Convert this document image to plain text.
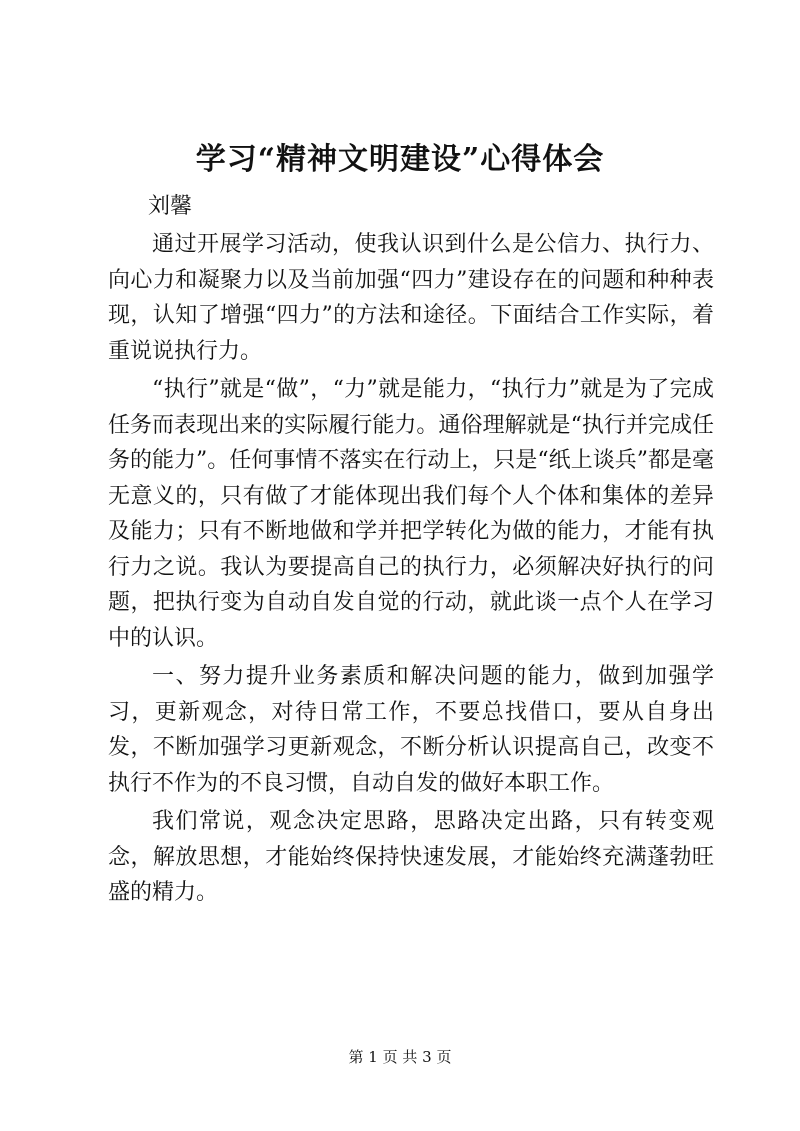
学习“精神文明建设”心得体会

刘馨

通过开展学习活动，使我认识到什么是公信力、执行力、向心力和凝聚力以及当前加强“四力”建设存在的问题和种种表现，认知了增强“四力”的方法和途径。下面结合工作实际，着重说说执行力。

“执行”就是“做”，“力”就是能力，“执行力”就是为了完成任务而表现出来的实际履行能力。通俗理解就是“执行并完成任务的能力”。任何事情不落实在行动上，只是“纸上谈兵”都是毫无意义的，只有做了才能体现出我们每个人个体和集体的差异及能力；只有不断地做和学并把学转化为做的能力，才能有执行力之说。我认为要提高自己的执行力，必须解决好执行的问题，把执行变为自动自发自觉的行动，就此谈一点个人在学习中的认识。

一、努力提升业务素质和解决问题的能力，做到加强学习，更新观念，对待日常工作，不要总找借口，要从自身出发，不断加强学习更新观念，不断分析认识提高自己，改变不执行不作为的不良习惯，自动自发的做好本职工作。

我们常说，观念决定思路，思路决定出路，只有转变观念，解放思想，才能始终保持快速发展，才能始终充满蓬勃旺盛的精力。

第 1 页 共 3 页
